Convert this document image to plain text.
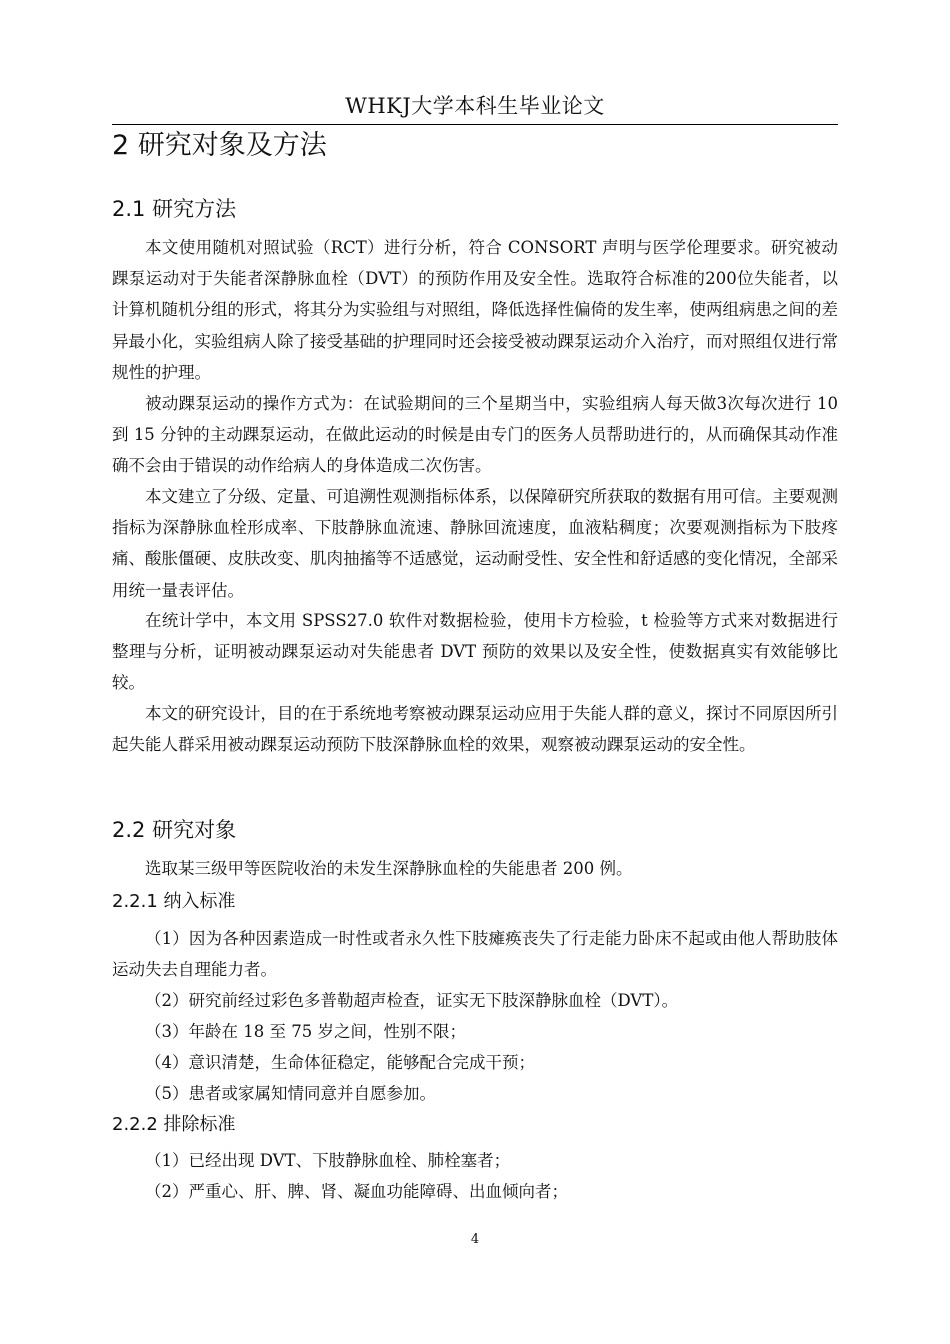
WHKJ大学本科生毕业论文
2 研究对象及方法
2.1 研究方法

本文使用随机对照试验（RCT）进行分析，符合 CONSORT 声明与医学伦理要求。研究被动踝泵运动对于失能者深静脉血栓（DVT）的预防作用及安全性。选取符合标准的200位失能者，以计算机随机分组的形式，将其分为实验组与对照组，降低选择性偏倚的发生率，使两组病患之间的差异最小化，实验组病人除了接受基础的护理同时还会接受被动踝泵运动介入治疗，而对照组仅进行常规性的护理。

被动踝泵运动的操作方式为：在试验期间的三个星期当中，实验组病人每天做3次每次进行 10 到 15 分钟的主动踝泵运动，在做此运动的时候是由专门的医务人员帮助进行的，从而确保其动作准确不会由于错误的动作给病人的身体造成二次伤害。

本文建立了分级、定量、可追溯性观测指标体系，以保障研究所获取的数据有用可信。主要观测指标为深静脉血栓形成率、下肢静脉血流速、静脉回流速度，血液粘稠度；次要观测指标为下肢疼痛、酸胀僵硬、皮肤改变、肌肉抽搐等不适感觉，运动耐受性、安全性和舒适感的变化情况，全部采用统一量表评估。

在统计学中，本文用 SPSS27.0 软件对数据检验，使用卡方检验，t 检验等方式来对数据进行整理与分析，证明被动踝泵运动对失能患者 DVT 预防的效果以及安全性，使数据真实有效能够比较。

本文的研究设计，目的在于系统地考察被动踝泵运动应用于失能人群的意义，探讨不同原因所引起失能人群采用被动踝泵运动预防下肢深静脉血栓的效果，观察被动踝泵运动的安全性。

2.2 研究对象

选取某三级甲等医院收治的未发生深静脉血栓的失能患者 200 例。

2.2.1 纳入标准

（1）因为各种因素造成一时性或者永久性下肢瘫痪丧失了行走能力卧床不起或由他人帮助肢体运动失去自理能力者。

（2）研究前经过彩色多普勒超声检查，证实无下肢深静脉血栓（DVT）。

（3）年龄在 18 至 75 岁之间，性别不限；

（4）意识清楚，生命体征稳定，能够配合完成干预；

（5）患者或家属知情同意并自愿参加。

2.2.2 排除标准

（1）已经出现 DVT、下肢静脉血栓、肺栓塞者；

（2）严重心、肝、脾、肾、凝血功能障碍、出血倾向者；

4
